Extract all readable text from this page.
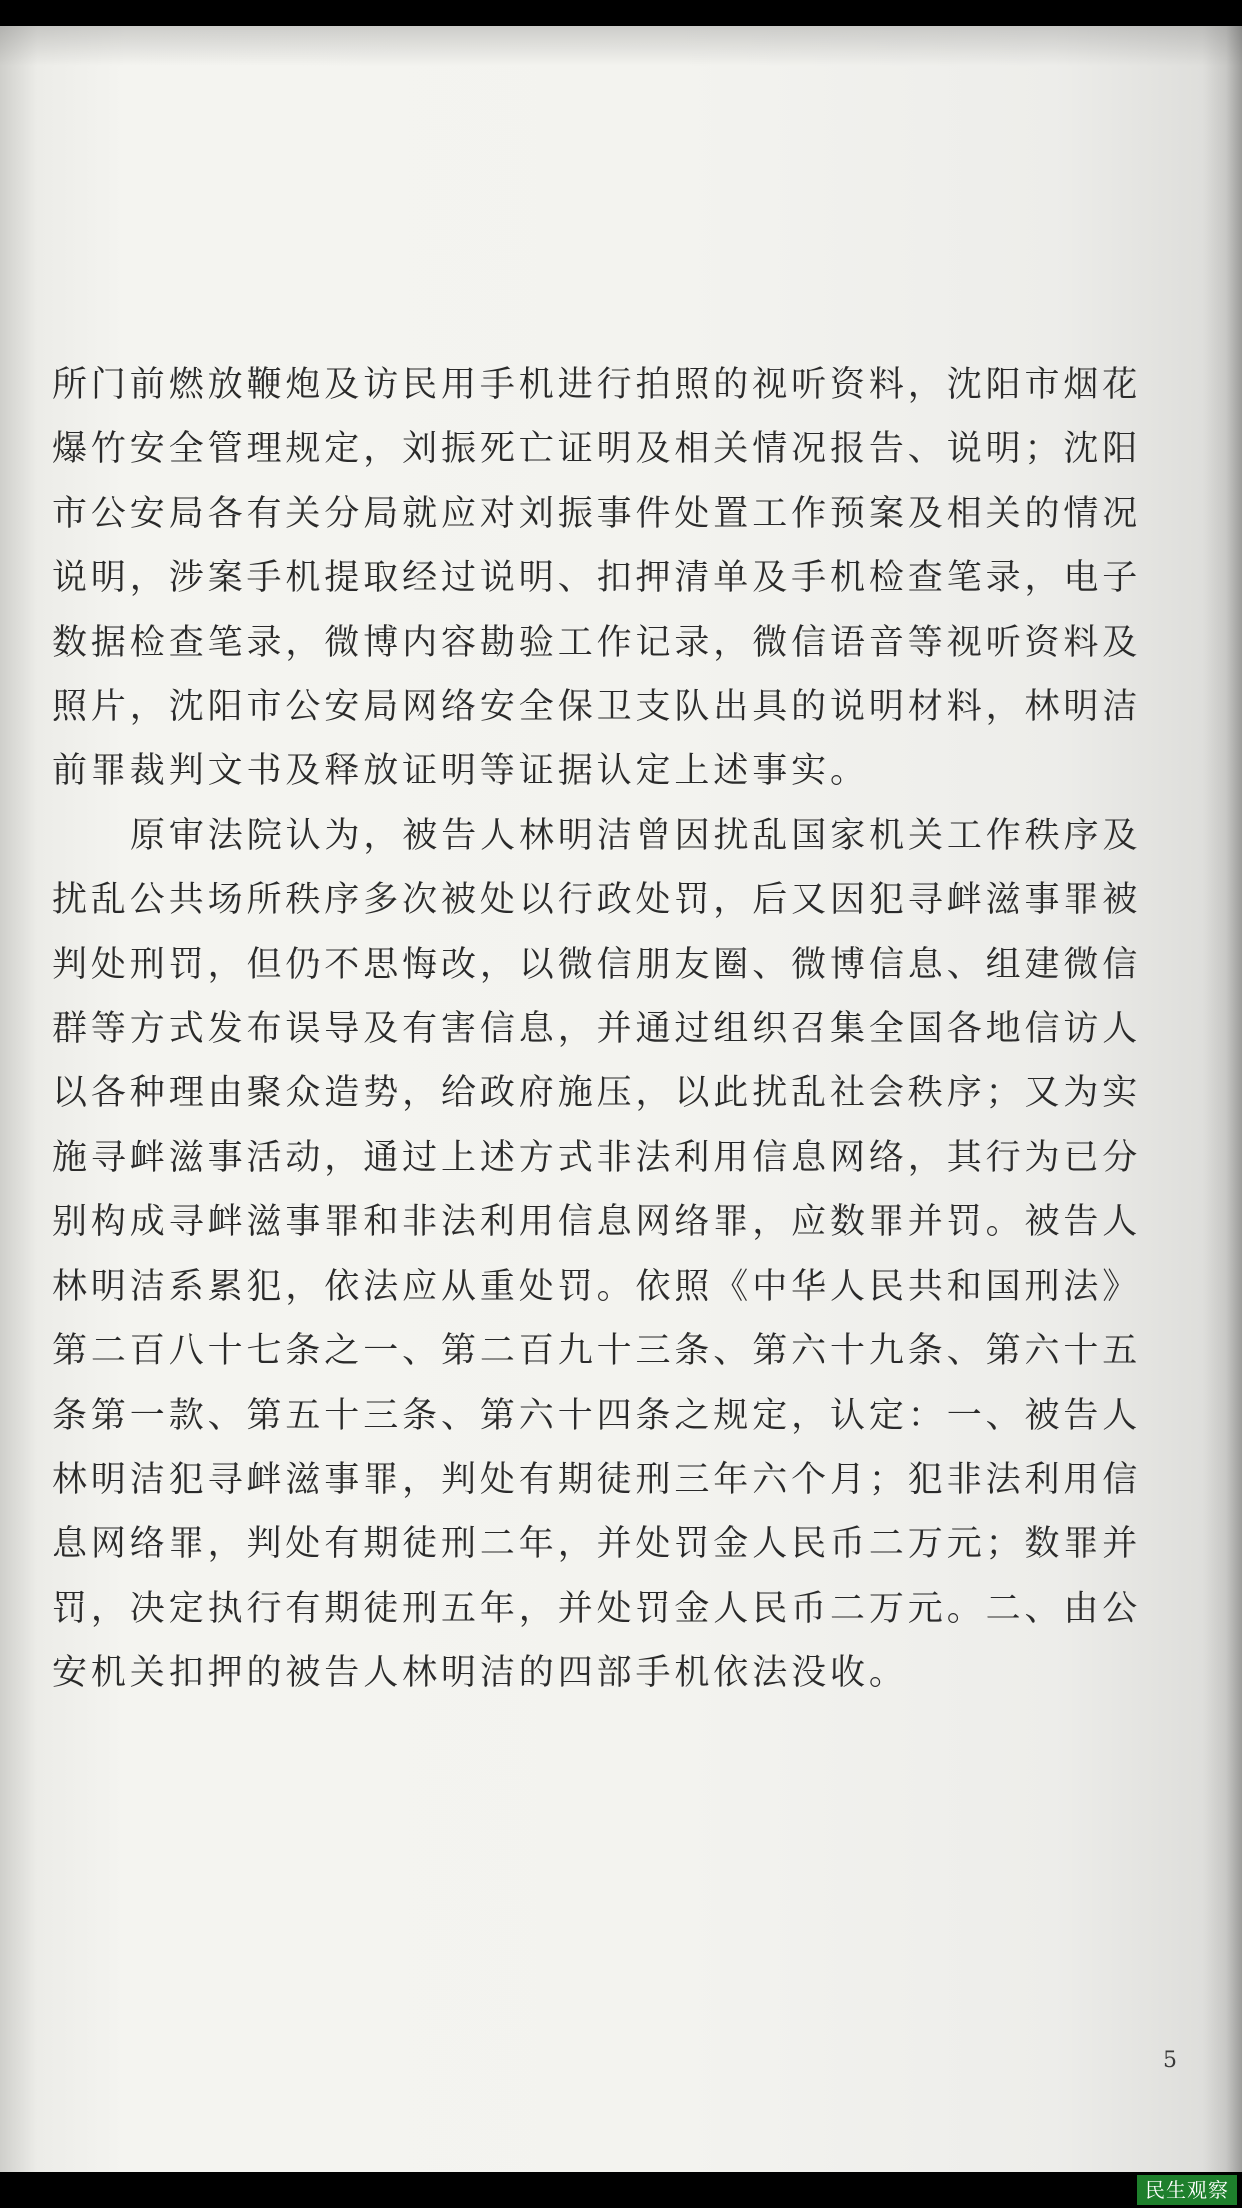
所门前燃放鞭炮及访民用手机进行拍照的视听资料，沈阳市烟花
爆竹安全管理规定，刘振死亡证明及相关情况报告、说明；沈阳
市公安局各有关分局就应对刘振事件处置工作预案及相关的情况
说明，涉案手机提取经过说明、扣押清单及手机检查笔录，电子
数据检查笔录，微博内容勘验工作记录，微信语音等视听资料及
照片，沈阳市公安局网络安全保卫支队出具的说明材料，林明洁
前罪裁判文书及释放证明等证据认定上述事实。

原审法院认为，被告人林明洁曾因扰乱国家机关工作秩序及
扰乱公共场所秩序多次被处以行政处罚，后又因犯寻衅滋事罪被
判处刑罚，但仍不思悔改，以微信朋友圈、微博信息、组建微信
群等方式发布误导及有害信息，并通过组织召集全国各地信访人
以各种理由聚众造势，给政府施压，以此扰乱社会秩序；又为实
施寻衅滋事活动，通过上述方式非法利用信息网络，其行为已分
别构成寻衅滋事罪和非法利用信息网络罪，应数罪并罚。被告人
林明洁系累犯，依法应从重处罚。依照《中华人民共和国刑法》
第二百八十七条之一、第二百九十三条、第六十九条、第六十五
条第一款、第五十三条、第六十四条之规定，认定：一、被告人
林明洁犯寻衅滋事罪，判处有期徒刑三年六个月；犯非法利用信
息网络罪，判处有期徒刑二年，并处罚金人民币二万元；数罪并
罚，决定执行有期徒刑五年，并处罚金人民币二万元。二、由公
安机关扣押的被告人林明洁的四部手机依法没收。

5
民生观察
